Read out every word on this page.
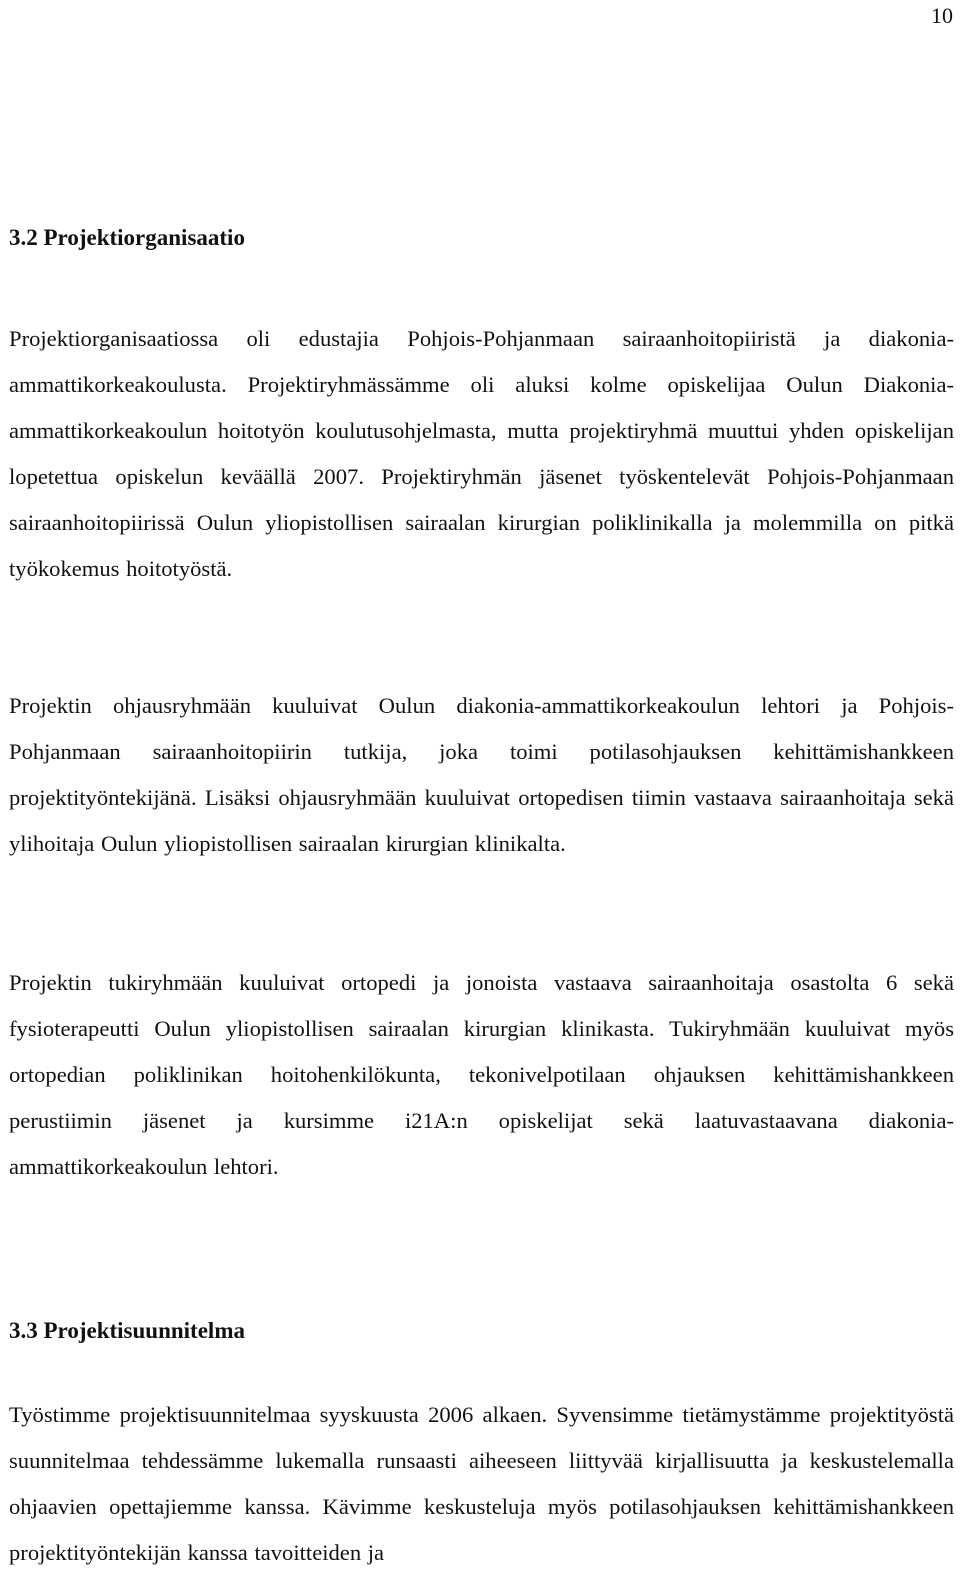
10
3.2 Projektiorganisaatio

Projektiorganisaatiossa oli edustajia Pohjois-Pohjanmaan sairaanhoitopiiristä ja diakonia-ammattikorkeakoulusta. Projektiryhmässämme oli aluksi kolme opiskelijaa Oulun Diakonia-ammattikorkeakoulun hoitotyön koulutusohjelmasta, mutta projektiryhmä muuttui yhden opiskelijan lopetettua opiskelun keväällä 2007. Projektiryhmän jäsenet työskentelevät Pohjois-Pohjanmaan sairaanhoitopiirissä Oulun yliopistollisen sairaalan kirurgian poliklinikalla ja molemmilla on pitkä työkokemus hoitotyöstä.

Projektin ohjausryhmään kuuluivat Oulun diakonia-ammattikorkeakoulun lehtori ja Pohjois-Pohjanmaan sairaanhoitopiirin tutkija, joka toimi potilasohjauksen kehittämishankkeen projektityöntekijänä. Lisäksi ohjausryhmään kuuluivat ortopedisen tiimin vastaava sairaanhoitaja sekä ylihoitaja Oulun yliopistollisen sairaalan kirurgian klinikalta.

Projektin tukiryhmään kuuluivat ortopedi ja jonoista vastaava sairaanhoitaja osastolta 6 sekä fysioterapeutti Oulun yliopistollisen sairaalan kirurgian klinikasta. Tukiryhmään kuuluivat myös ortopedian poliklinikan hoitohenkilökunta, tekonivelpotilaan ohjauksen kehittämishankkeen perustiimin jäsenet ja kursimme i21A:n opiskelijat sekä laatuvastaavana diakonia-ammattikorkeakoulun lehtori.

3.3 Projektisuunnitelma

Työstimme projektisuunnitelmaa syyskuusta 2006 alkaen. Syvensimme tietämystämme projektityöstä suunnitelmaa tehdessämme lukemalla runsaasti aiheeseen liittyvää kirjallisuutta ja keskustelemalla ohjaavien opettajiemme kanssa. Kävimme keskusteluja myös potilasohjauksen kehittämishankkeen projektityöntekijän kanssa tavoitteiden ja
